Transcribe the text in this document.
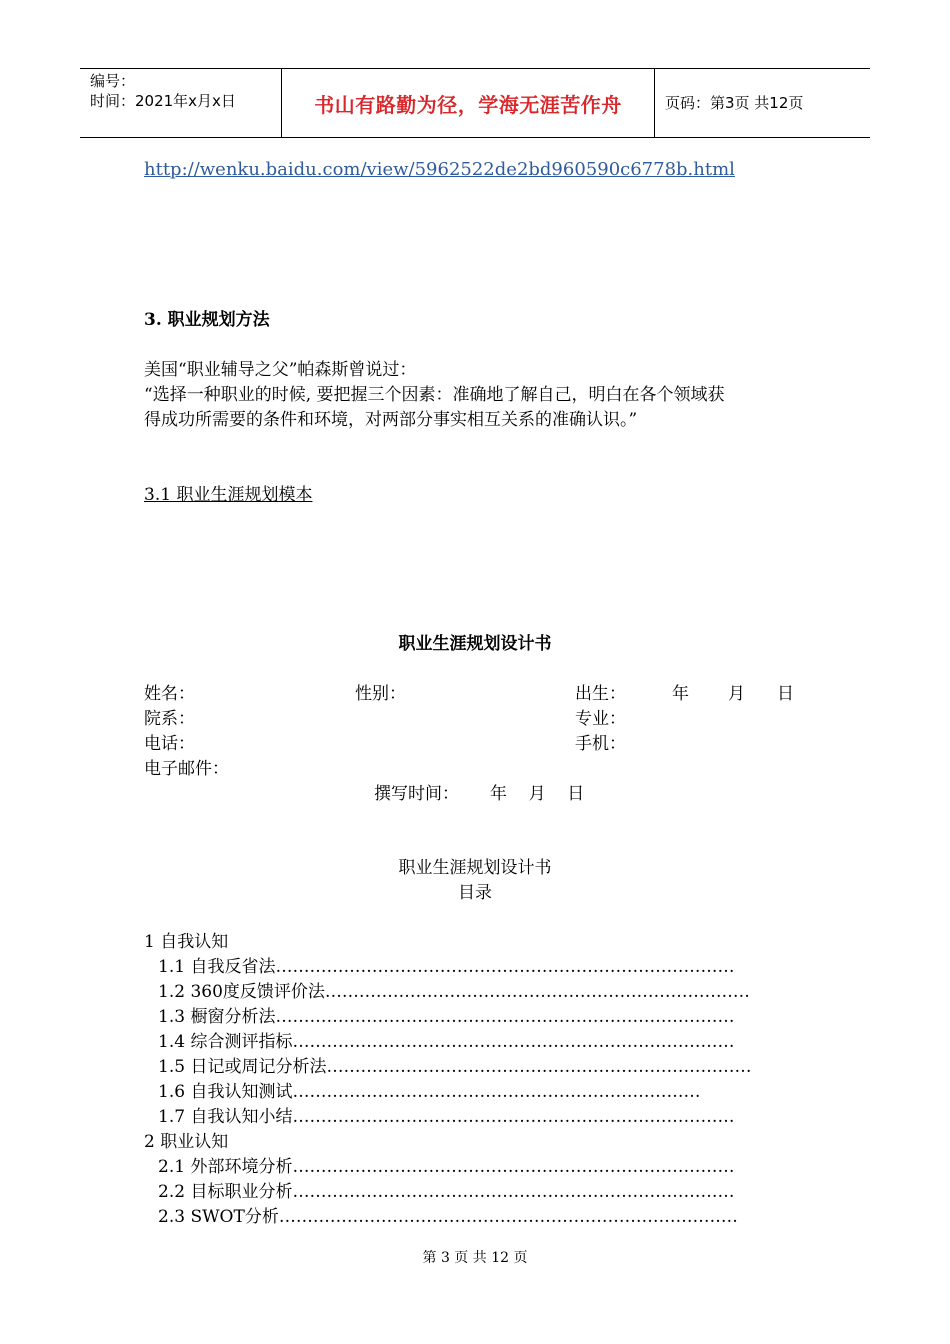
编号：
时间：2021年x月x日	书山有路勤为径，学海无涯苦作舟	页码：第3页 共12页
http://wenku.baidu.com/view/5962522de2bd960590c6778b.html
3. 职业规划方法
美国“职业辅导之父”帕森斯曾说过：
“选择一种职业的时候, 要把握三个因素：准确地了解自己，明白在各个领域获
得成功所需要的条件和环境，对两部分事实相互关系的准确认识。”
3.1 职业生涯规划模本
职业生涯规划设计书
姓名：	性别：	出生：	年 月 日
院系：	专业：
电话：	手机：
电子邮件：
撰写时间： 年    月    日
职业生涯规划设计书
目录
1 自我认知
1.1 自我反省法………………………………………………………………………
1.2 360度反馈评价法…………………………………………………………………
1.3 橱窗分析法………………………………………………………………………
1.4 综合测评指标……………………………………………………………………
1.5 日记或周记分析法…………………………………………………………………
1.6 自我认知测试………………………………………………………………
1.7 自我认知小结……………………………………………………………………
2 职业认知
2.1 外部环境分析……………………………………………………………………
2.2 目标职业分析……………………………………………………………………
2.3 SWOT分析………………………………………………………………………
第 3 页 共 12 页
